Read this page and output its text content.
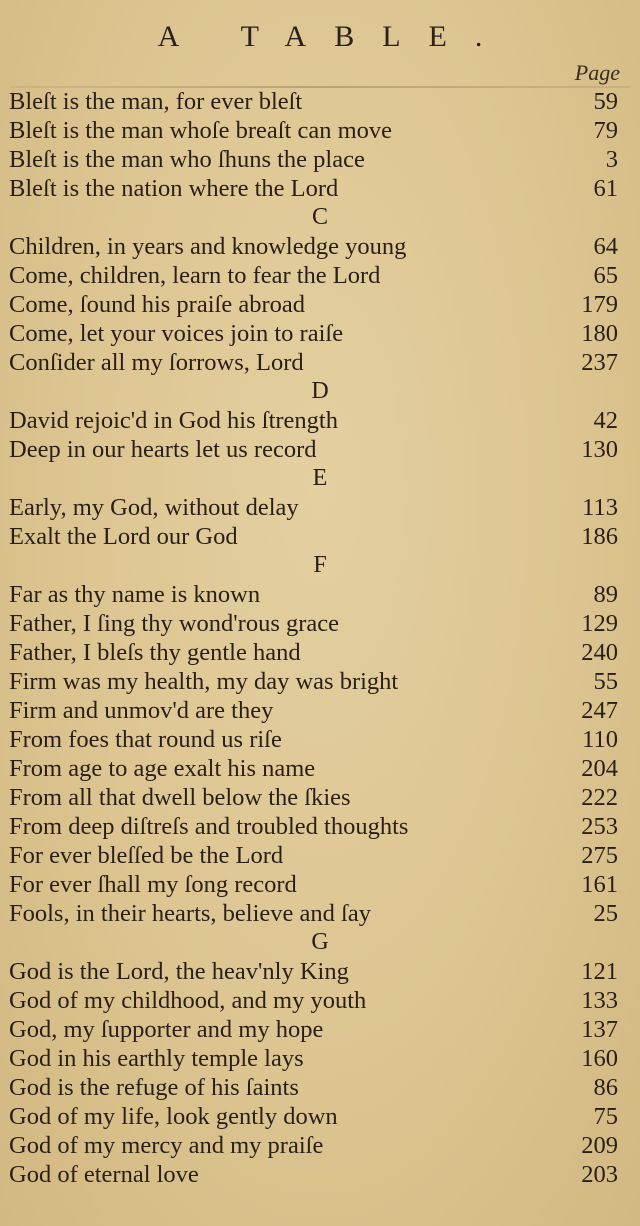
A TABLE.
Page
Bleſt is the man, for ever bleſt	59
Bleſt is the man whoſe breaſt can move	79
Bleſt is the man who ſhuns the place	3
Bleſt is the nation where the Lord	61
C
Children, in years and knowledge young	64
Come, children, learn to fear the Lord	65
Come, ſound his praiſe abroad	179
Come, let your voices join to raiſe	180
Conſider all my ſorrows, Lord	237
D
David rejoic'd in God his ſtrength	42
Deep in our hearts let us record	130
E
Early, my God, without delay	113
Exalt the Lord our God	186
F
Far as thy name is known	89
Father, I ſing thy wond'rous grace	129
Father, I bleſs thy gentle hand	240
Firm was my health, my day was bright	55
Firm and unmov'd are they	247
From foes that round us riſe	110
From age to age exalt his name	204
From all that dwell below the ſkies	222
From deep diſtreſs and troubled thoughts	253
For ever bleſſed be the Lord	275
For ever ſhall my ſong record	161
Fools, in their hearts, believe and ſay	25
G
God is the Lord, the heav'nly King	121
God of my childhood, and my youth	133
God, my ſupporter and my hope	137
God in his earthly temple lays	160
God is the refuge of his ſaints	86
God of my life, look gently down	75
God of my mercy and my praiſe	209
God of eternal love	203
